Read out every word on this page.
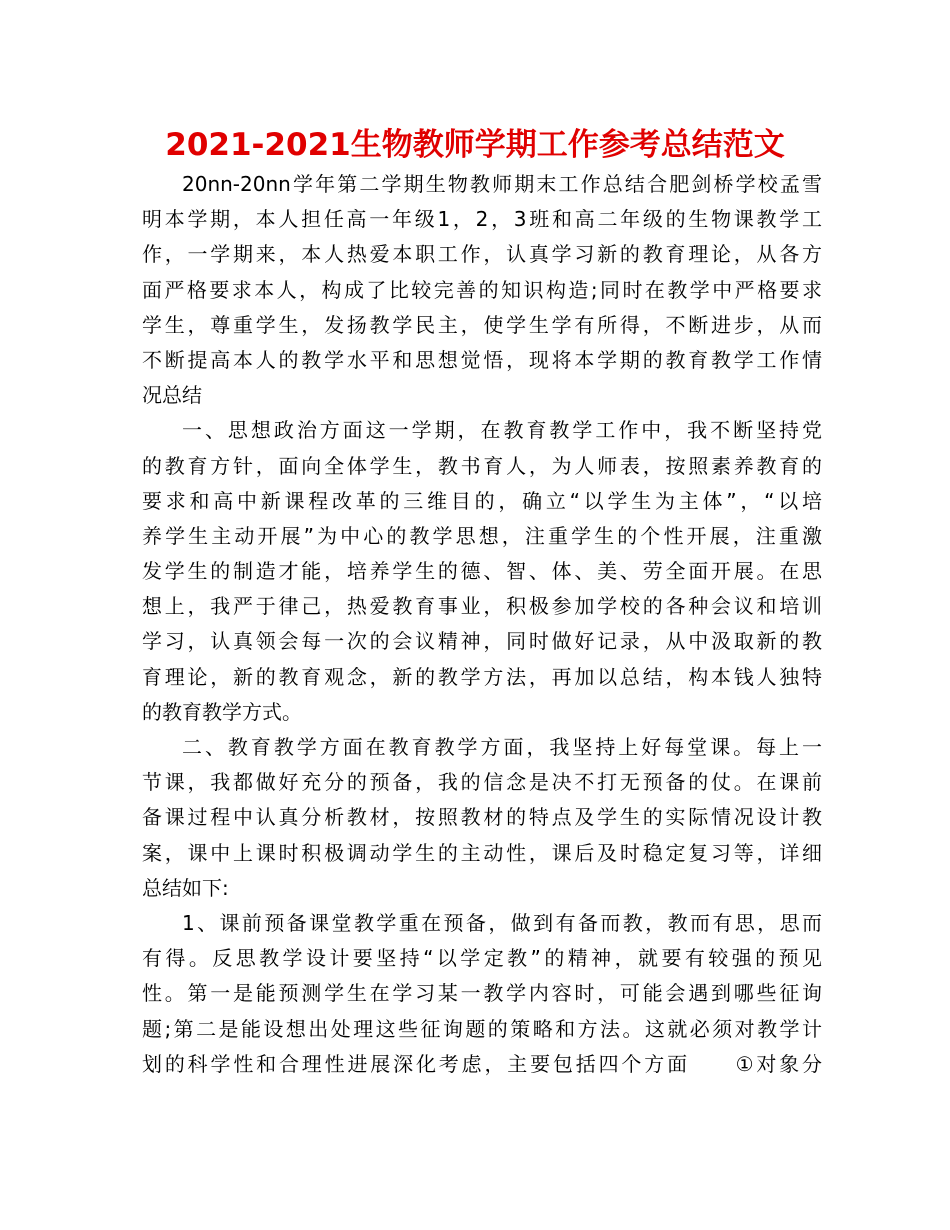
2021-2021生物教师学期工作参考总结范文
20nn-20nn学年第二学期生物教师期末工作总结合肥剑桥学校孟雪
明本学期，本人担任高一年级1，2，3班和高二年级的生物课教学工
作，一学期来，本人热爱本职工作，认真学习新的教育理论，从各方
面严格要求本人，构成了比较完善的知识构造;同时在教学中严格要求
学生，尊重学生，发扬教学民主，使学生学有所得，不断进步，从而
不断提高本人的教学水平和思想觉悟，现将本学期的教育教学工作情
况总结
一、思想政治方面这一学期，在教育教学工作中，我不断坚持党
的教育方针，面向全体学生，教书育人，为人师表，按照素养教育的
要求和高中新课程改革的三维目的，确立“以学生为主体”，“以培
养学生主动开展”为中心的教学思想，注重学生的个性开展，注重激
发学生的制造才能，培养学生的德、智、体、美、劳全面开展。在思
想上，我严于律己，热爱教育事业，积极参加学校的各种会议和培训
学习，认真领会每一次的会议精神，同时做好记录，从中汲取新的教
育理论，新的教育观念，新的教学方法，再加以总结，构本钱人独特
的教育教学方式。
二、教育教学方面在教育教学方面，我坚持上好每堂课。每上一
节课，我都做好充分的预备，我的信念是决不打无预备的仗。在课前
备课过程中认真分析教材，按照教材的特点及学生的实际情况设计教
案，课中上课时积极调动学生的主动性，课后及时稳定复习等，详细
总结如下:
1、课前预备课堂教学重在预备，做到有备而教，教而有思，思而
有得。反思教学设计要坚持“以学定教”的精神，就要有较强的预见
性。第一是能预测学生在学习某一教学内容时，可能会遇到哪些征询
题;第二是能设想出处理这些征询题的策略和方法。这就必须对教学计
划的科学性和合理性进展深化考虑，主要包括四个方面　　①对象分
